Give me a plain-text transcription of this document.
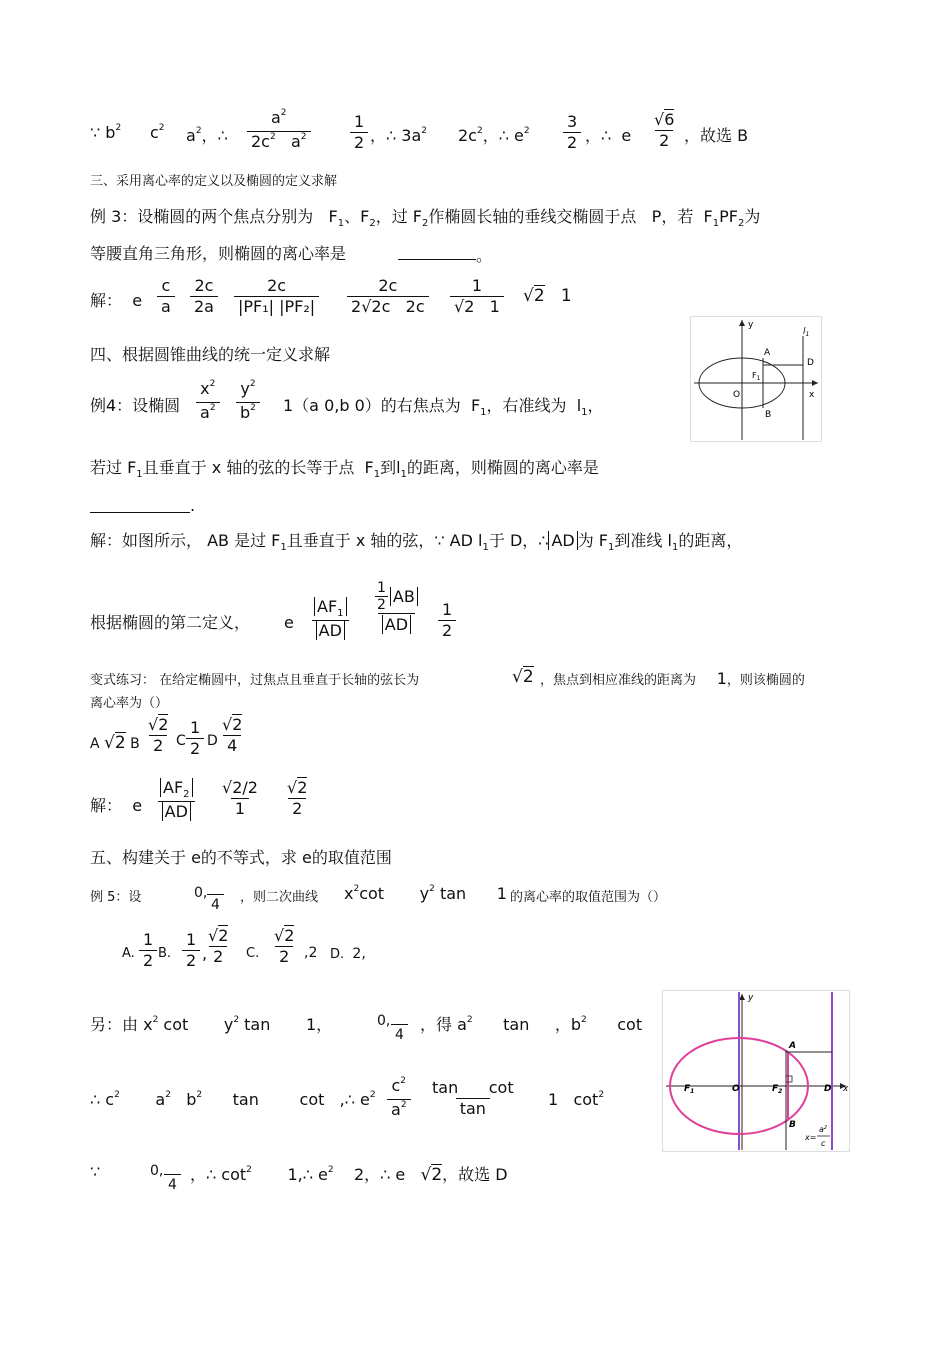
∵ $b^2$ $c^2$ $a^2$，∴ $\frac{a^2}{2c^2 a^2} \frac{1}{2}$ ，∴ $3a^2$ $2c^2$，∴ $e^2 \frac{3}{2}$ ，∴ e $\frac{√6}{2}$ ，故选 B
三、采用离心率的定义以及椭圆的定义求解
例 3：设椭圆的两个焦点分别为 $F_1$、$F_2$，过 $F_2$作椭圆长轴的垂线交椭圆于点 P，若 $F_1PF_2$为
等腰直角三角形，则椭圆的离心率是	。
解： e $\frac{c}{a} \frac{2c}{2a} \frac{2c}{\text{|PF₁| |PF₂|}} \frac{2c}{2√2c 2c} \frac{1}{√2 1} √2$ 1
y
x
$l_1$
A
B
D
O
$F_1$
四、根据圆锥曲线的统一定义求解
例4：设椭圆 $\frac{x^2}{a^2} \frac{y^2}{b^2} 1(a$ 0,b 0）的右焦点为 $F_1$，右准线为 $l_1$，
若过 $F_1$且垂直于 x 轴的弦的长等于点 $F_1$到$l_1$的距离，则椭圆的离心率是
.
解：如图所示， AB 是过 $F_1$且垂直于 x 轴的弦，∵ AD $l_1$于 D，∴ AD 为 $F_1$到准线 $l_1$的距离，
根据椭圆的第二定义， e $\frac{AF_1}{AD}$
1
2 AB
AD	$\frac{1}{2}$
变式练习： 在给定椭圆中，过焦点且垂直于长轴的弦长为	√2 ，焦点到相应准线的距离为 1，则该椭圆的
离心率为（）
A √2 B $\frac{√2}{2}$ C $\frac{1}{2}$ D $\frac{√2}{4}$
解： e $\frac{AF_2}{AD} \frac{√2/2}{1} \frac{√2}{2}$
五、构建关于 e的不等式，求 e的取值范围
例 5：设	0,

4	，则二次曲线 $x^2\cot$ $y^2$ tan 1 的离心率的取值范围为（）
A. $\frac{1}{2} B$. $\frac{1}{2}$ ,
$\frac{√2}{2} C$. $\frac{√2}{2} ,2$ D. 2,
另：由 $x^2$ $\cot y^2$ tan 1，	0,

4
，得 $a^2$ tan ，$b^2$ cot
∴ $c^2$ $a^2$ $b^2$ tan	cot ,∴ $e^2 \frac{c^2}{a^2} \frac{\text{tan cot}}{\tan} 1$ $\cot^2$
y
x
A
B
D
O
$F_1$	$F_2$
x=
$a^2$
c
∵	0,

4
，∴ $\cot^2$ 1,∴ $e^2$ 2，∴ e √2，故选 D
